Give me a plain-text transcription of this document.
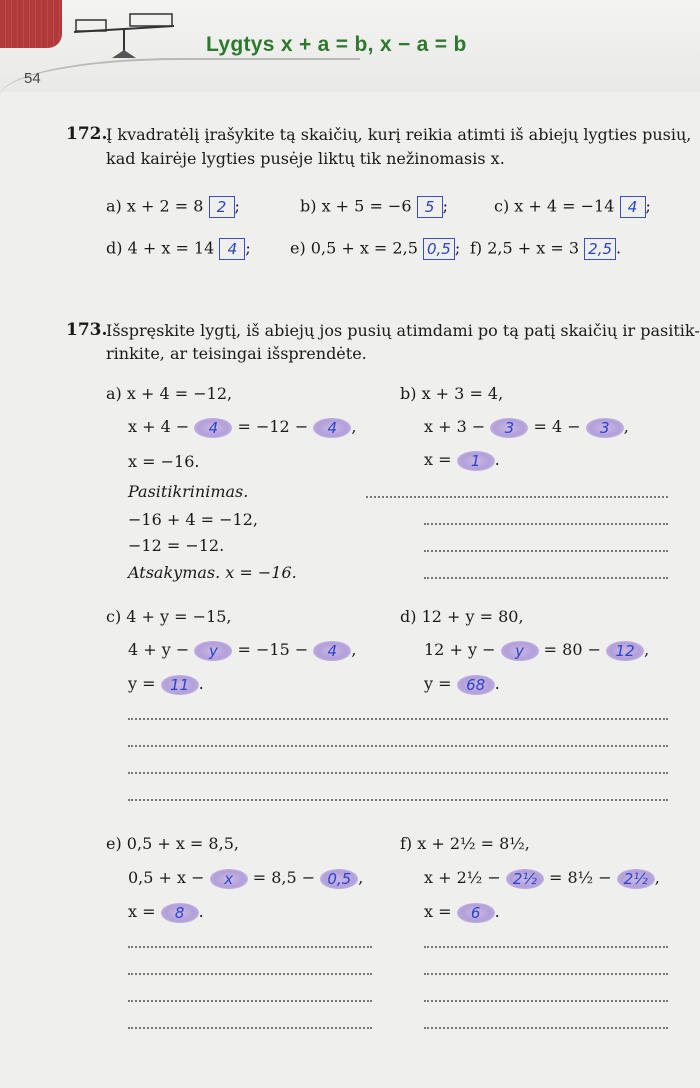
Lygtys x + a = b, x − a = b
54
172.
Į kvadratėlį įrašykite tą skaičių, kurį reikia atimti iš abiejų lygties pusių,
kad kairėje lygties pusėje liktų tik nežinomasis x.
a) x + 2 = 8 2 ;	b) x + 5 = −6 5 ;	c) x + 4 = −14 4 ;
d) 4 + x = 14 4 ; e) 0,5 + x = 2,5 0,5 ; f) 2,5 + x = 3 2,5 .
173.
Išspręskite lygtį, iš abiejų jos pusių atimdami po tą patį skaičių ir pasitik-
rinkite, ar teisingai išsprendėte.
a) x + 4 = −12,
x + 4 − 4 = −12 − 4 ,
x = −16.
Pasitikrinimas.
−16 + 4 = −12,
−12 = −12.
Atsakymas. x = −16.
b) x + 3 = 4,
x + 3 − 3 = 4 − 3 ,
x = 1 .
c) 4 + y = −15,
4 + y − y = −15 − 4 ,
y = 11 .
d) 12 + y = 80,
12 + y − y = 80 − 12 ,
y = 68 .
e) 0,5 + x = 8,5,
0,5 + x − x = 8,5 − 0,5 ,
x = 8 .
f) x + 2½ = 8½,
x + 2½ − 2½ = 8½ − 2½ ,
x = 6 .
